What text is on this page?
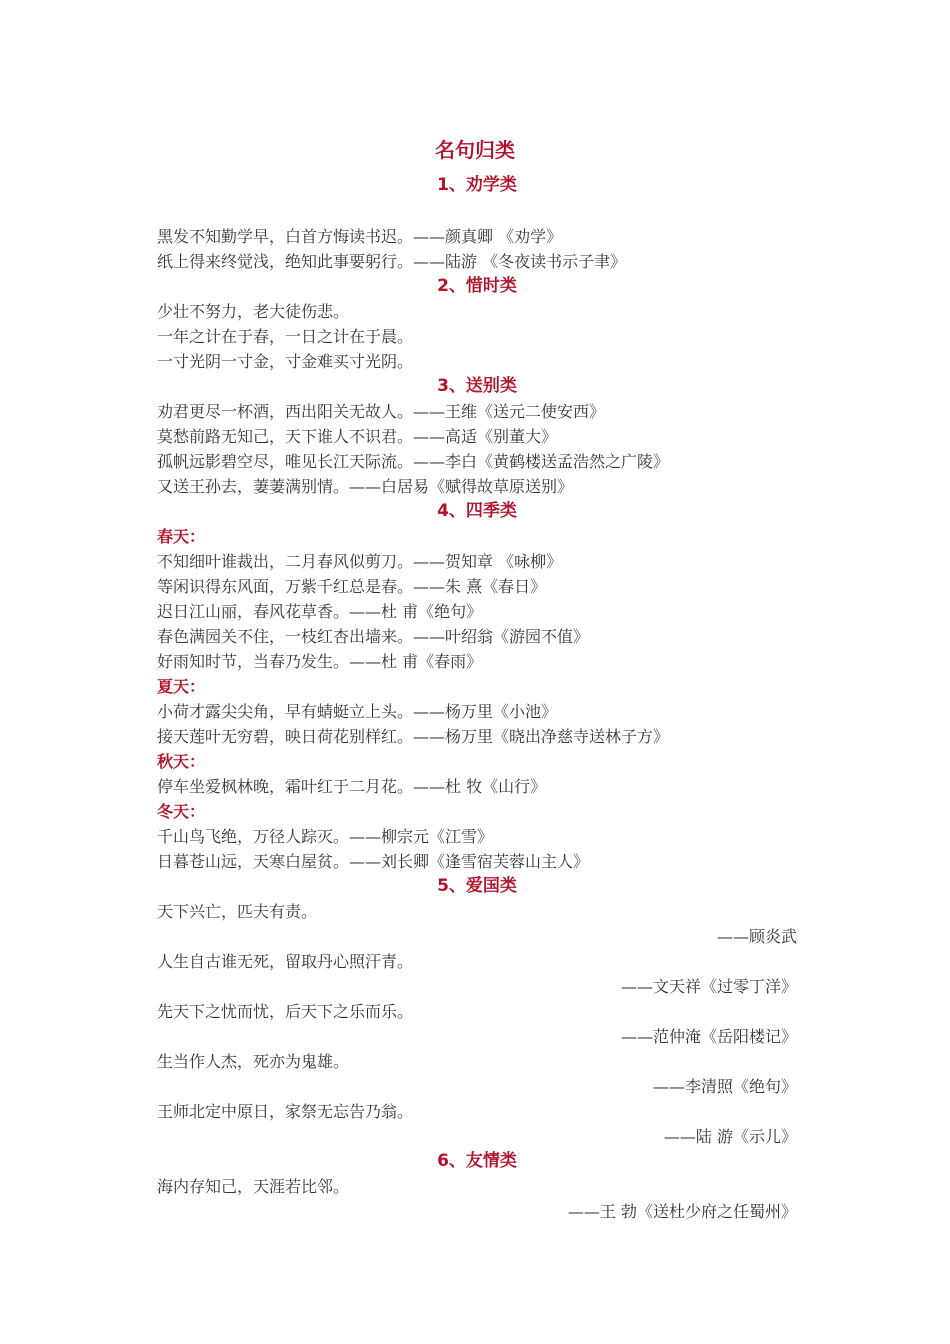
名句归类
1、劝学类
黑发不知勤学早，白首方悔读书迟。——颜真卿 《劝学》
纸上得来终觉浅，绝知此事要躬行。——陆游 《冬夜读书示子聿》
2、惜时类
少壮不努力，老大徒伤悲。
一年之计在于春，一日之计在于晨。
一寸光阴一寸金，寸金难买寸光阴。
3、送别类
劝君更尽一杯酒，西出阳关无故人。——王维《送元二使安西》
莫愁前路无知己，天下谁人不识君。——高适《别董大》
孤帆远影碧空尽，唯见长江天际流。——李白《黄鹤楼送孟浩然之广陵》
又送王孙去，萋萋满别情。——白居易《赋得故草原送别》
4、四季类
春天：
不知细叶谁裁出，二月春风似剪刀。——贺知章 《咏柳》
等闲识得东风面，万紫千红总是春。——朱 熹《春日》
迟日江山丽，春风花草香。——杜 甫《绝句》
春色满园关不住，一枝红杏出墙来。——叶绍翁《游园不值》
好雨知时节，当春乃发生。——杜 甫《春雨》
夏天：
小荷才露尖尖角，早有蜻蜓立上头。——杨万里《小池》
接天莲叶无穷碧，映日荷花别样红。——杨万里《晓出净慈寺送林子方》
秋天：
停车坐爱枫林晚，霜叶红于二月花。——杜 牧《山行》
冬天：
千山鸟飞绝，万径人踪灭。——柳宗元《江雪》
日暮苍山远，天寒白屋贫。——刘长卿《逢雪宿芙蓉山主人》
5、爱国类
天下兴亡，匹夫有责。
——顾炎武
人生自古谁无死，留取丹心照汗青。
——文天祥《过零丁洋》
先天下之忧而忧，后天下之乐而乐。
——范仲淹《岳阳楼记》
生当作人杰，死亦为鬼雄。
——李清照《绝句》
王师北定中原日，家祭无忘告乃翁。
——陆 游《示儿》
6、友情类
海内存知己，天涯若比邻。
——王 勃《送杜少府之任蜀州》
